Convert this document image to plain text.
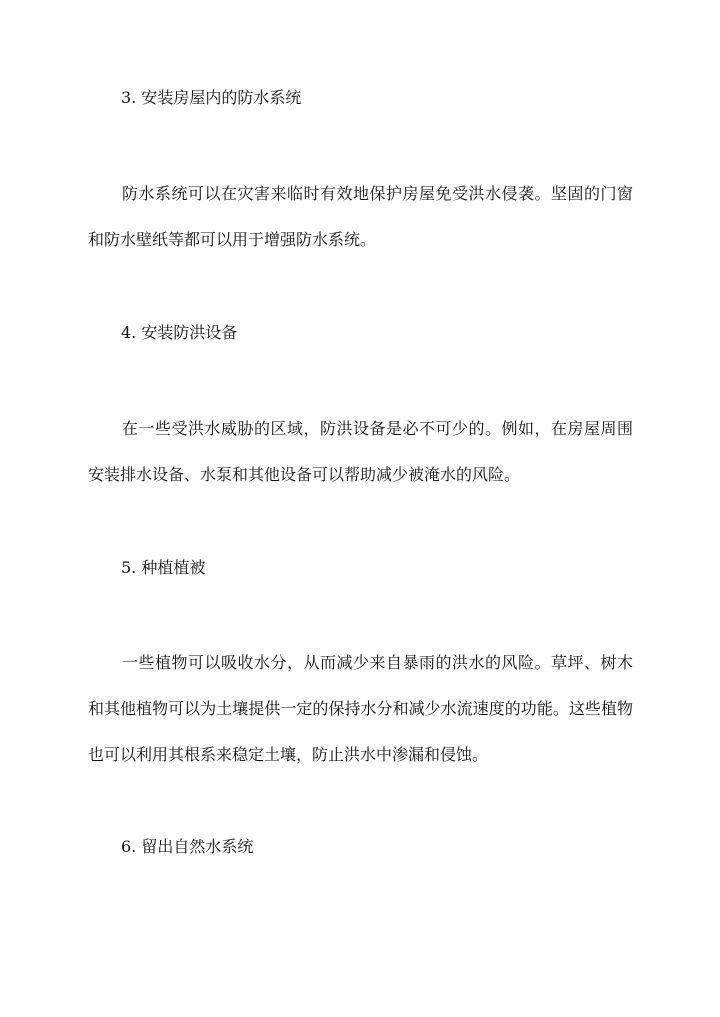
3. 安装房屋内的防水系统

防水系统可以在灾害来临时有效地保护房屋免受洪水侵袭。坚固的门窗和防水壁纸等都可以用于增强防水系统。

4. 安装防洪设备

在一些受洪水威胁的区域，防洪设备是必不可少的。例如，在房屋周围安装排水设备、水泵和其他设备可以帮助减少被淹水的风险。

5. 种植植被

一些植物可以吸收水分，从而减少来自暴雨的洪水的风险。草坪、树木和其他植物可以为土壤提供一定的保持水分和减少水流速度的功能。这些植物也可以利用其根系来稳定土壤，防止洪水中渗漏和侵蚀。

6. 留出自然水系统
